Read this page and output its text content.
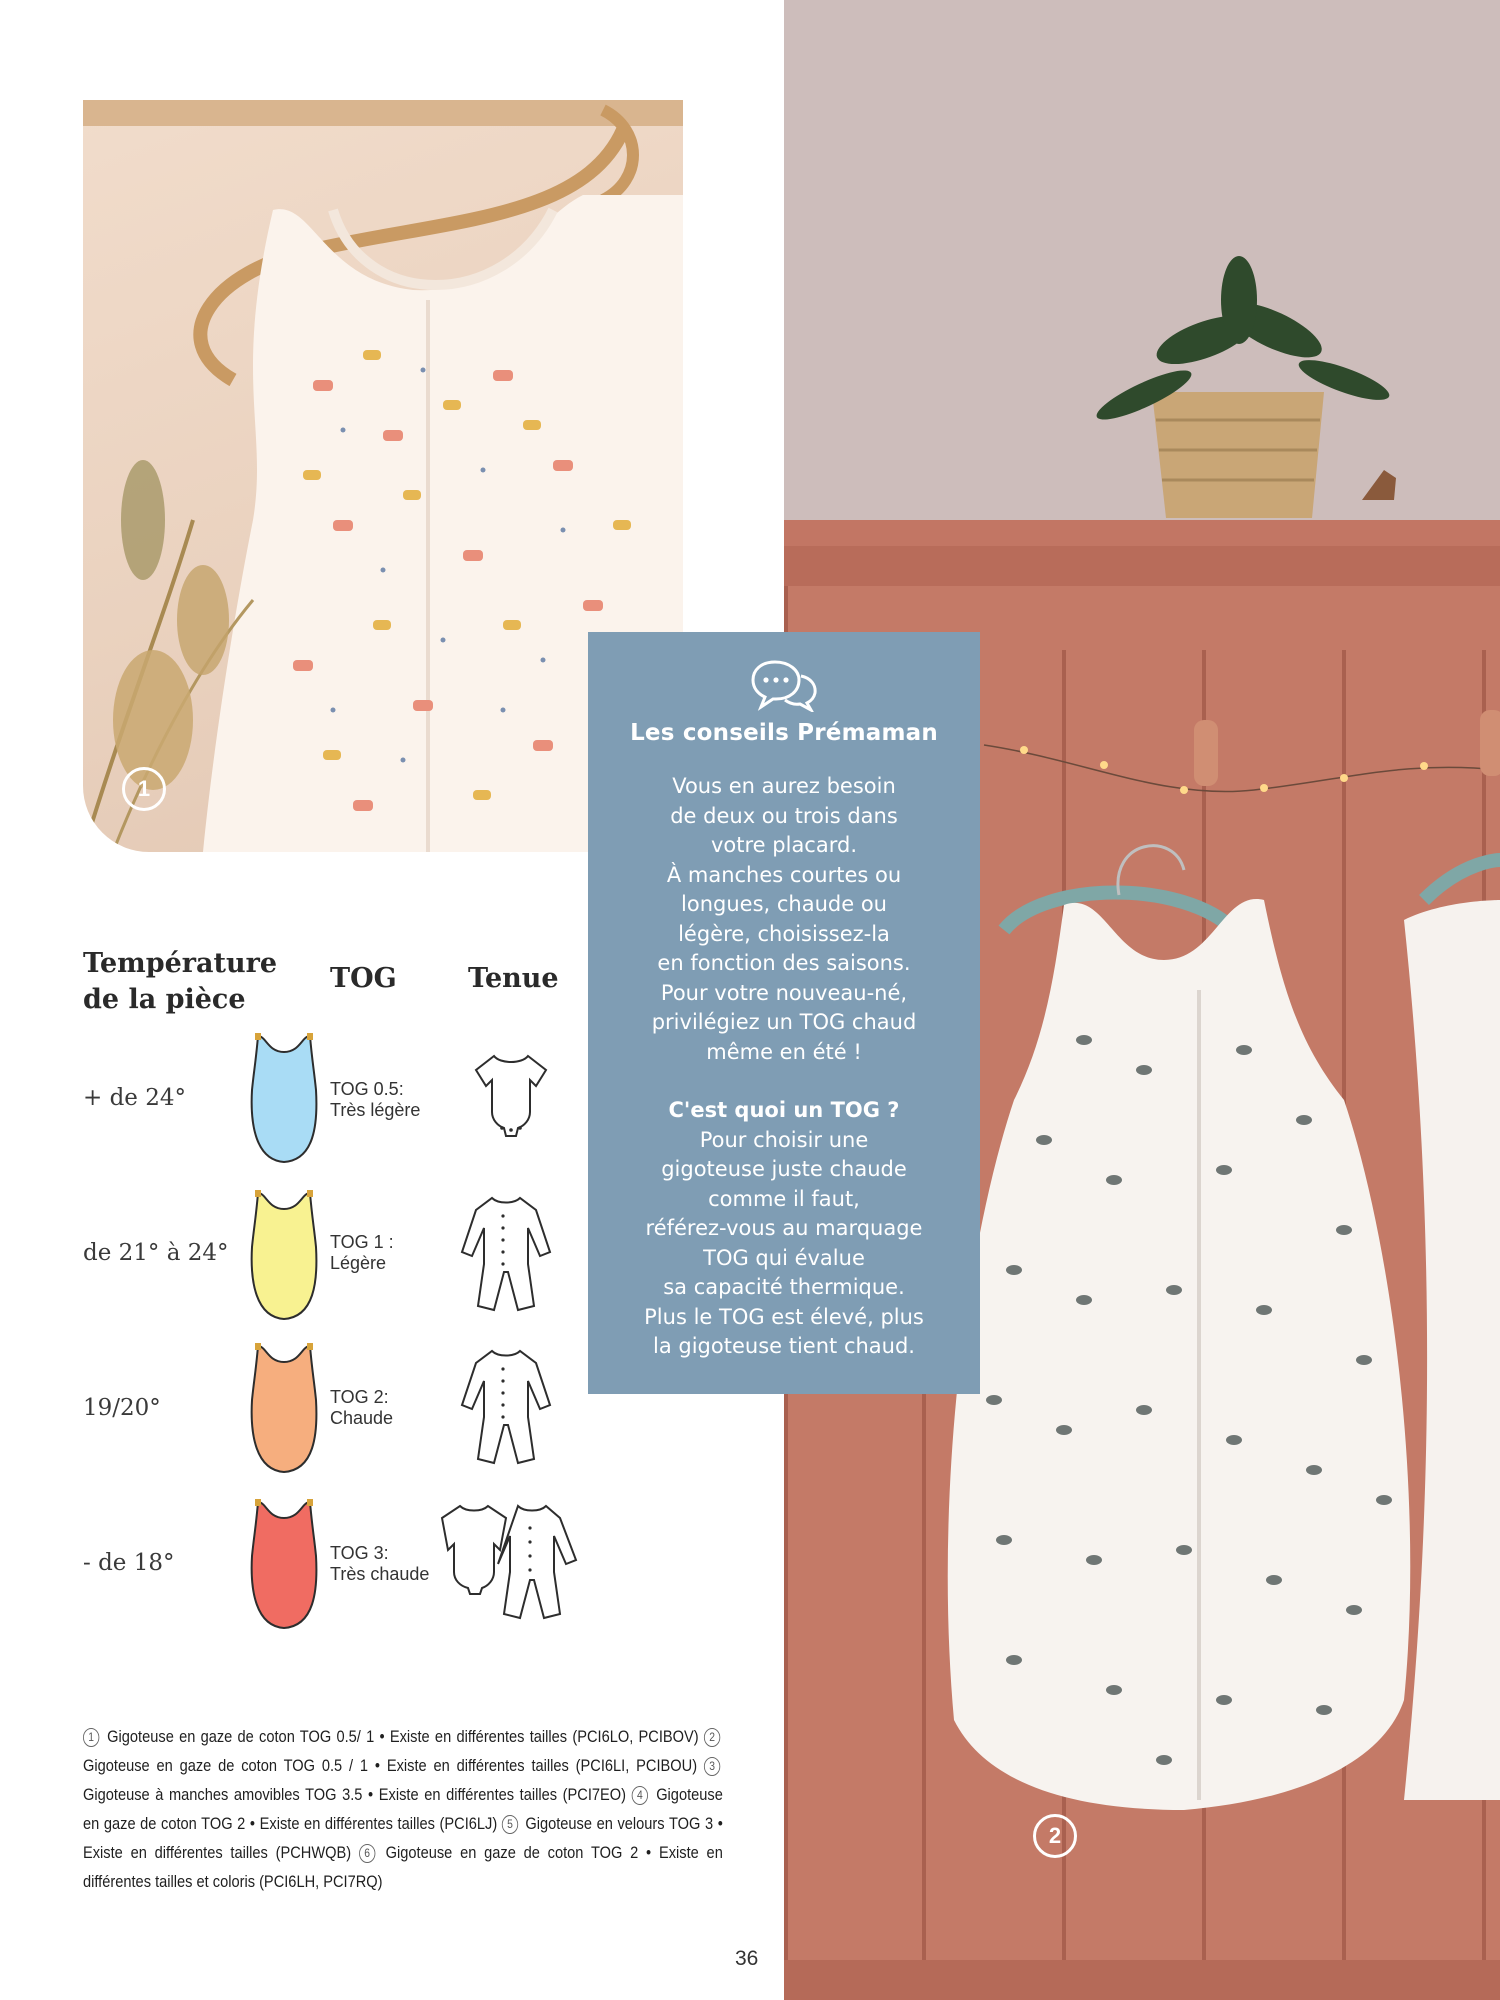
1
2
Les conseils Prémaman
Vous en aurez besoin
de deux ou trois dans
votre placard.
À manches courtes ou
longues, chaude ou
légère, choisissez-la
en fonction des saisons.
Pour votre nouveau-né,
privilégiez un TOG chaud
même en été !
C'est quoi un TOG ?
Pour choisir une
gigoteuse juste chaude
comme il faut,
référez-vous au marquage
TOG qui évalue
sa capacité thermique.
Plus le TOG est élevé, plus
la gigoteuse tient chaud.
Température
de la pièce
TOG	Tenue
+ de 24°	TOG 0.5:
Très légère
de 21° à 24°	TOG 1 :
Légère
19/20°	TOG 2:
Chaude
- de 18°	TOG 3:
Très chaude
1 Gigoteuse en gaze de coton TOG 0.5/ 1 • Existe en différentes tailles (PCI6LO, PCIBOV) 2 Gigoteuse en gaze de coton TOG 0.5 / 1 • Existe en différentes tailles (PCI6LI, PCIBOU) 3 Gigoteuse à manches amovibles TOG 3.5 • Existe en différentes tailles (PCI7EO) 4 Gigoteuse en gaze de coton TOG 2 • Existe en différentes tailles (PCI6LJ) 5 Gigoteuse en velours TOG 3 • Existe en différentes tailles (PCHWQB) 6 Gigoteuse en gaze de coton TOG 2 • Existe en différentes tailles et coloris (PCI6LH, PCI7RQ)
36
